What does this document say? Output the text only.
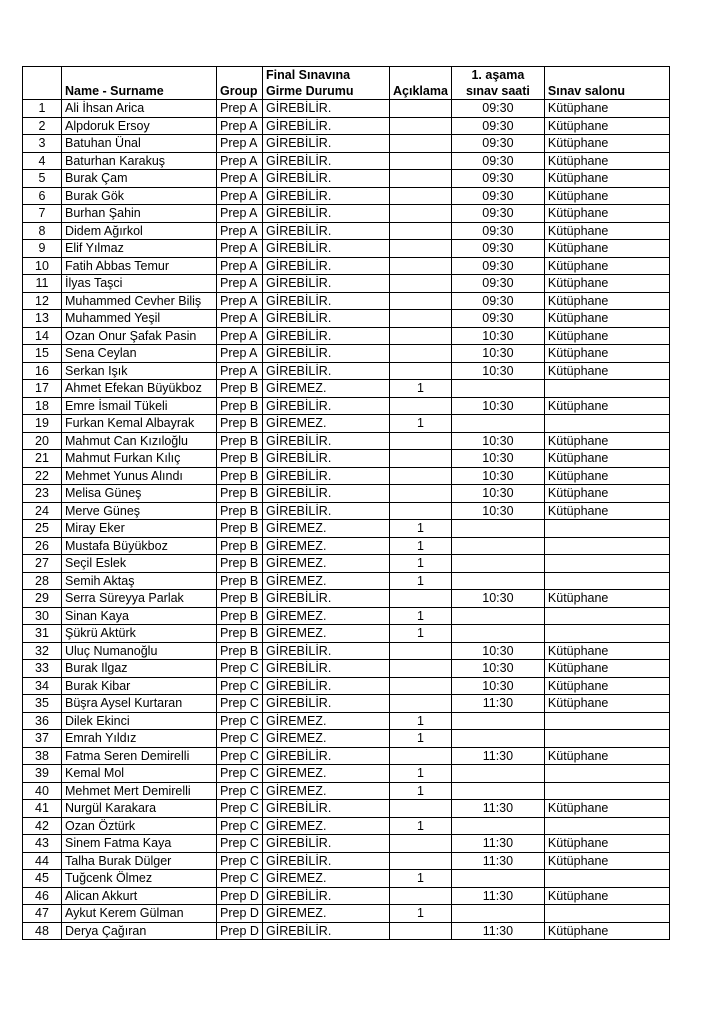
			Final Sınavına		1. aşama	
	Name - Surname	Group	Girme Durumu	Açıklama	sınav saati	Sınav salonu
1	Ali İhsan Arica	Prep A	GİREBİLİR.		09:30	Kütüphane
2	Alpdoruk Ersoy	Prep A	GİREBİLİR.		09:30	Kütüphane
3	Batuhan Ünal	Prep A	GİREBİLİR.		09:30	Kütüphane
4	Baturhan Karakuş	Prep A	GİREBİLİR.		09:30	Kütüphane
5	Burak Çam	Prep A	GİREBİLİR.		09:30	Kütüphane
6	Burak Gök	Prep A	GİREBİLİR.		09:30	Kütüphane
7	Burhan Şahin	Prep A	GİREBİLİR.		09:30	Kütüphane
8	Didem Ağırkol	Prep A	GİREBİLİR.		09:30	Kütüphane
9	Elif Yılmaz	Prep A	GİREBİLİR.		09:30	Kütüphane
10	Fatih Abbas Temur	Prep A	GİREBİLİR.		09:30	Kütüphane
11	İlyas Taşci	Prep A	GİREBİLİR.		09:30	Kütüphane
12	Muhammed Cevher Biliş	Prep A	GİREBİLİR.		09:30	Kütüphane
13	Muhammed Yeşil	Prep A	GİREBİLİR.		09:30	Kütüphane
14	Ozan Onur Şafak Pasin	Prep A	GİREBİLİR.		10:30	Kütüphane
15	Sena Ceylan	Prep A	GİREBİLİR.		10:30	Kütüphane
16	Serkan Işık	Prep A	GİREBİLİR.		10:30	Kütüphane
17	Ahmet Efekan Büyükboz	Prep B	GİREMEZ.	1		
18	Emre İsmail Tükeli	Prep B	GİREBİLİR.		10:30	Kütüphane
19	Furkan Kemal Albayrak	Prep B	GİREMEZ.	1		
20	Mahmut Can Kızıloğlu	Prep B	GİREBİLİR.		10:30	Kütüphane
21	Mahmut Furkan Kılıç	Prep B	GİREBİLİR.		10:30	Kütüphane
22	Mehmet Yunus Alındı	Prep B	GİREBİLİR.		10:30	Kütüphane
23	Melisa Güneş	Prep B	GİREBİLİR.		10:30	Kütüphane
24	Merve Güneş	Prep B	GİREBİLİR.		10:30	Kütüphane
25	Miray Eker	Prep B	GİREMEZ.	1		
26	Mustafa Büyükboz	Prep B	GİREMEZ.	1		
27	Seçil Eslek	Prep B	GİREMEZ.	1		
28	Semih Aktaş	Prep B	GİREMEZ.	1		
29	Serra Süreyya Parlak	Prep B	GİREBİLİR.		10:30	Kütüphane
30	Sinan Kaya	Prep B	GİREMEZ.	1		
31	Şükrü Aktürk	Prep B	GİREMEZ.	1		
32	Uluç Numanoğlu	Prep B	GİREBİLİR.		10:30	Kütüphane
33	Burak Ilgaz	Prep C	GİREBİLİR.		10:30	Kütüphane
34	Burak Kibar	Prep C	GİREBİLİR.		10:30	Kütüphane
35	Büşra Aysel Kurtaran	Prep C	GİREBİLİR.		11:30	Kütüphane
36	Dilek Ekinci	Prep C	GİREMEZ.	1		
37	Emrah Yıldız	Prep C	GİREMEZ.	1		
38	Fatma Seren Demirelli	Prep C	GİREBİLİR.		11:30	Kütüphane
39	Kemal Mol	Prep C	GİREMEZ.	1		
40	Mehmet Mert Demirelli	Prep C	GİREMEZ.	1		
41	Nurgül Karakara	Prep C	GİREBİLİR.		11:30	Kütüphane
42	Ozan Öztürk	Prep C	GİREMEZ.	1		
43	Sinem Fatma Kaya	Prep C	GİREBİLİR.		11:30	Kütüphane
44	Talha Burak Dülger	Prep C	GİREBİLİR.		11:30	Kütüphane
45	Tuğcenk Ölmez	Prep C	GİREMEZ.	1		
46	Alican Akkurt	Prep D	GİREBİLİR.		11:30	Kütüphane
47	Aykut Kerem Gülman	Prep D	GİREMEZ.	1		
48	Derya Çağıran	Prep D	GİREBİLİR.		11:30	Kütüphane
